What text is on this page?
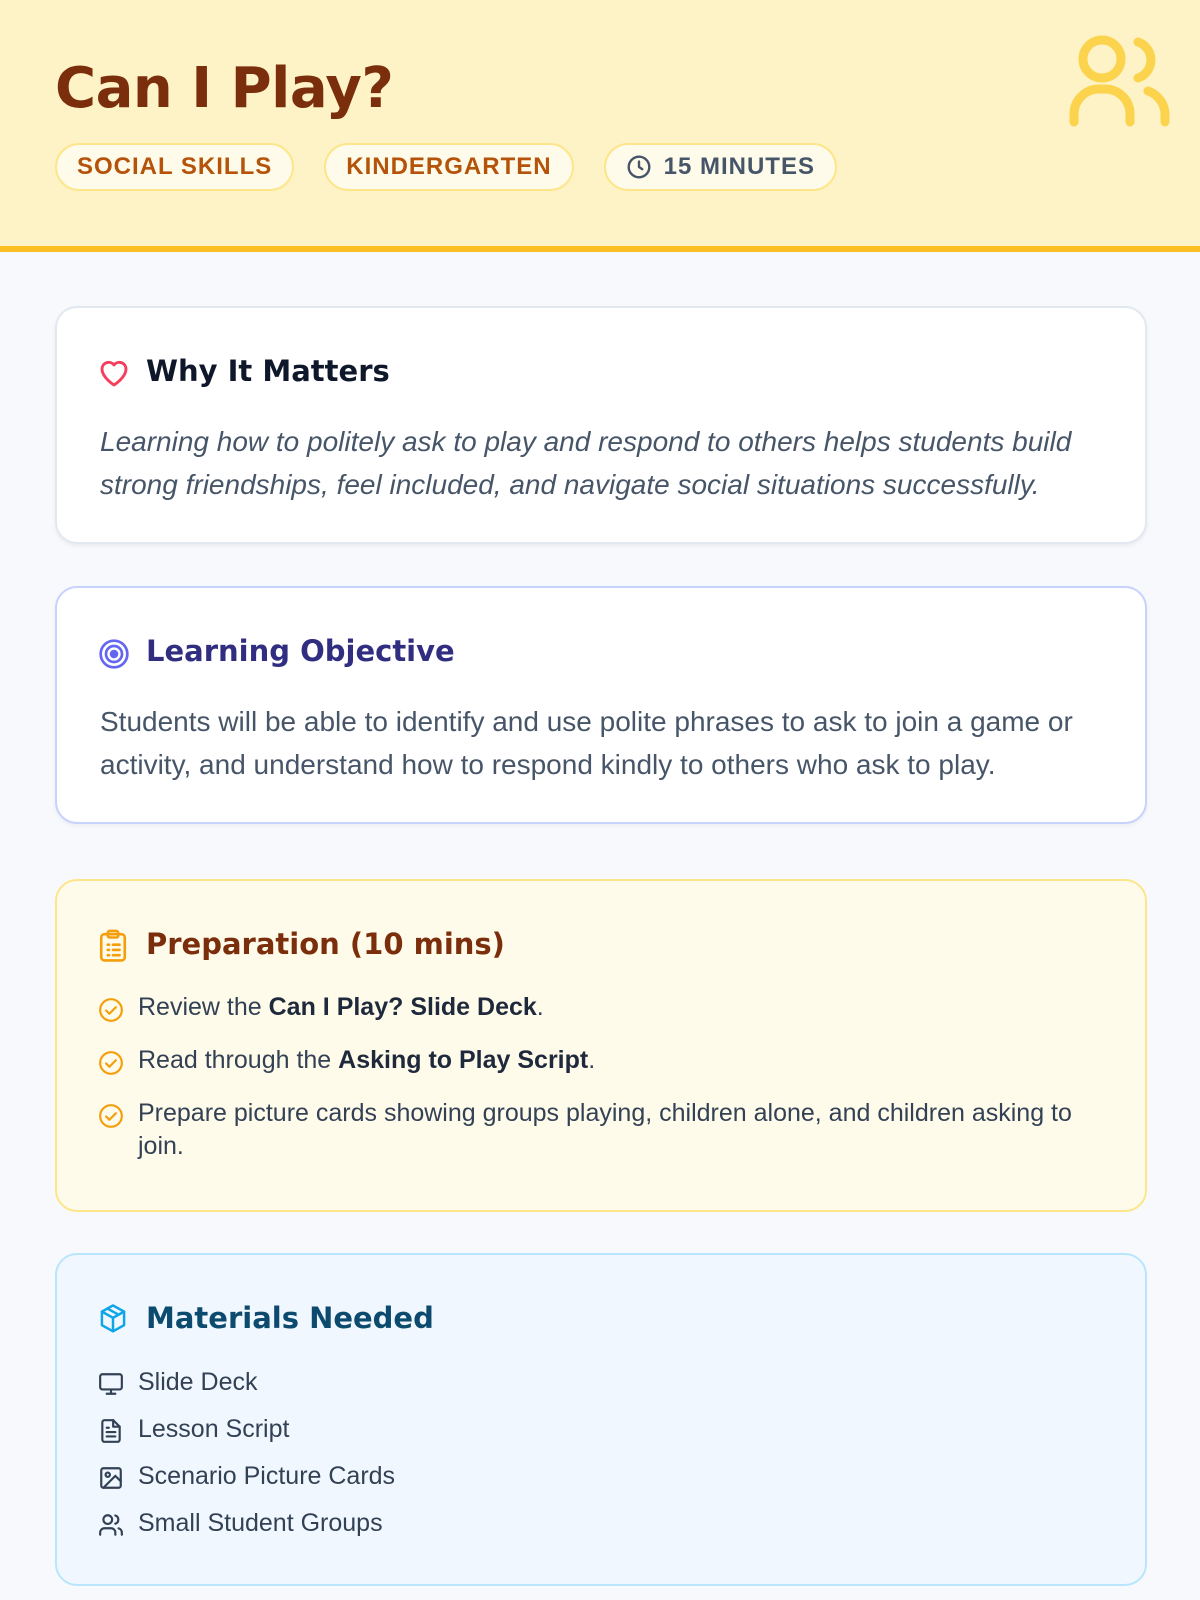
Can I Play?
SOCIAL SKILLS	KINDERGARTEN	15 MINUTES
Why It Matters

Learning how to politely ask to play and respond to others helps students build strong friendships, feel included, and navigate social situations successfully.

Learning Objective

Students will be able to identify and use polite phrases to ask to join a game or activity, and understand how to respond kindly to others who ask to play.

Preparation (10 mins)
Review the Can I Play? Slide Deck.
Read through the Asking to Play Script.
Prepare picture cards showing groups playing, children alone, and children asking to join.
Materials Needed
Slide Deck
Lesson Script
Scenario Picture Cards
Small Student Groups
